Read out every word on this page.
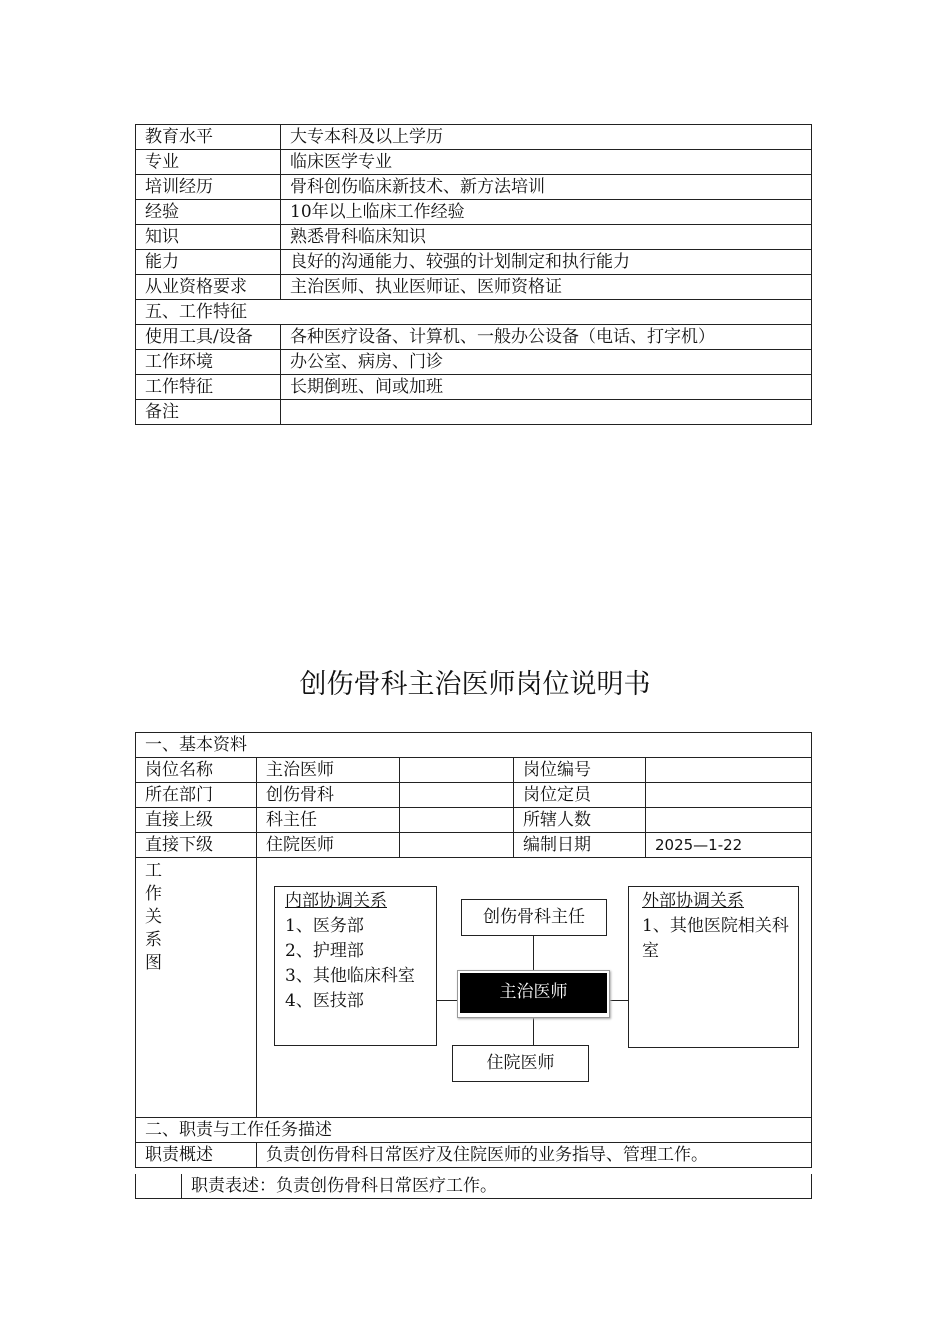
教育水平	大专本科及以上学历
专业	临床医学专业
培训经历	骨科创伤临床新技术、新方法培训
经验	10年以上临床工作经验
知识	熟悉骨科临床知识
能力	良好的沟通能力、较强的计划制定和执行能力
从业资格要求	主治医师、执业医师证、医师资格证
五、工作特征	
使用工具/设备	各种医疗设备、计算机、一般办公设备（电话、打字机）
工作环境	办公室、病房、门诊
工作特征	长期倒班、间或加班
备注	
创伤骨科主治医师岗位说明书
一、基本资料				
岗位名称	主治医师		岗位编号	
所在部门	创伤骨科		岗位定员	
直接上级	科主任		所辖人数	
直接下级	住院医师		编制日期	2025—1-22

工
作
关
系
图				

二、职责与工作任务描述				
职责概述	负责创伤骨科日常医疗及住院医师的业务指导、管理工作。			
	职责表述：负责创伤骨科日常医疗工作。
内部协调关系
1、医务部
2、护理部
3、其他临床科室
4、医技部
创伤骨科主任
主治医师
住院医师
外部协调关系
1、其他医院相关科室
